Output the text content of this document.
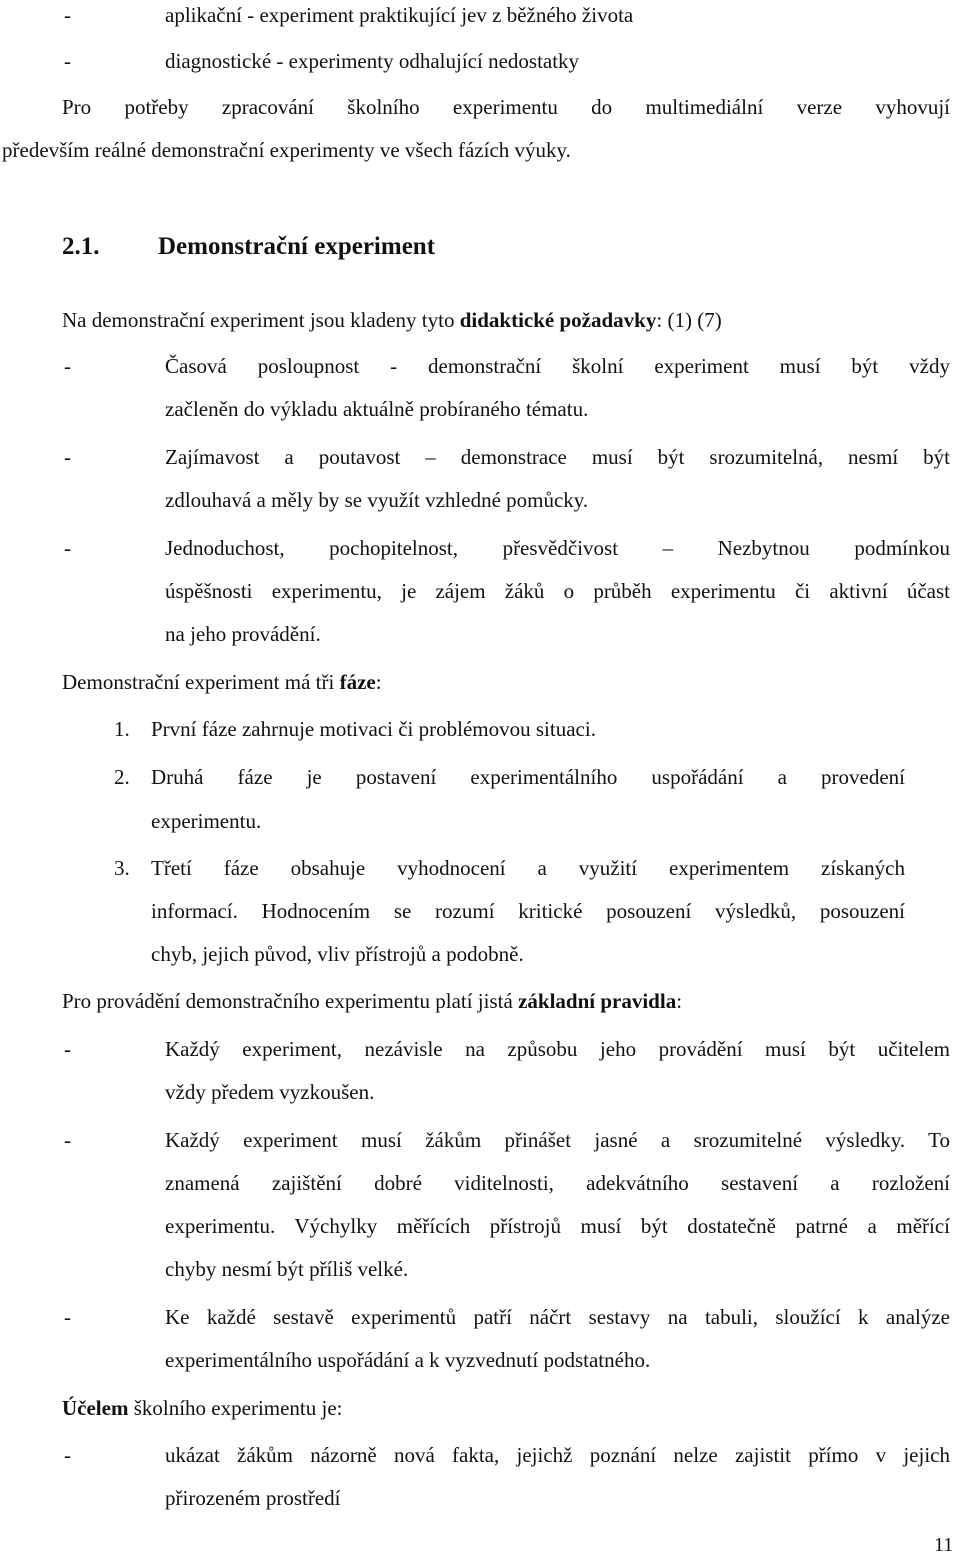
-	aplikační - experiment praktikující jev z běžného života
-	diagnostické - experimenty odhalující nedostatky
Pro potřeby zpracování školního experimentu do multimediální verze vyhovují
především reálné demonstrační experimenty ve všech fázích výuky.
2.1. Demonstrační experiment
Na demonstrační experiment jsou kladeny tyto didaktické požadavky: (1) (7)
-	Časová posloupnost - demonstrační školní experiment musí být vždy
začleněn do výkladu aktuálně probíraného tématu.
-	Zajímavost a poutavost – demonstrace musí být srozumitelná, nesmí být
zdlouhavá a měly by se využít vzhledné pomůcky.
-	Jednoduchost, pochopitelnost, přesvědčivost – Nezbytnou podmínkou
úspěšnosti experimentu, je zájem žáků o průběh experimentu či aktivní účast
na jeho provádění.
Demonstrační experiment má tři fáze:
1. První fáze zahrnuje motivaci či problémovou situaci.
2. Druhá fáze je postavení experimentálního uspořádání a provedení
experimentu.
3. Třetí fáze obsahuje vyhodnocení a využití experimentem získaných
informací. Hodnocením se rozumí kritické posouzení výsledků, posouzení
chyb, jejich původ, vliv přístrojů a podobně.
Pro provádění demonstračního experimentu platí jistá základní pravidla:
-	Každý experiment, nezávisle na způsobu jeho provádění musí být učitelem
vždy předem vyzkoušen.
-	Každý experiment musí žákům přinášet jasné a srozumitelné výsledky. To
znamená zajištění dobré viditelnosti, adekvátního sestavení a rozložení
experimentu. Výchylky měřících přístrojů musí být dostatečně patrné a měřící
chyby nesmí být příliš velké.
-	Ke každé sestavě experimentů patří náčrt sestavy na tabuli, sloužící k analýze
experimentálního uspořádání a k vyzvednutí podstatného.
Účelem školního experimentu je:
-	ukázat žákům názorně nová fakta, jejichž poznání nelze zajistit přímo v jejich
přirozeném prostředí
11
